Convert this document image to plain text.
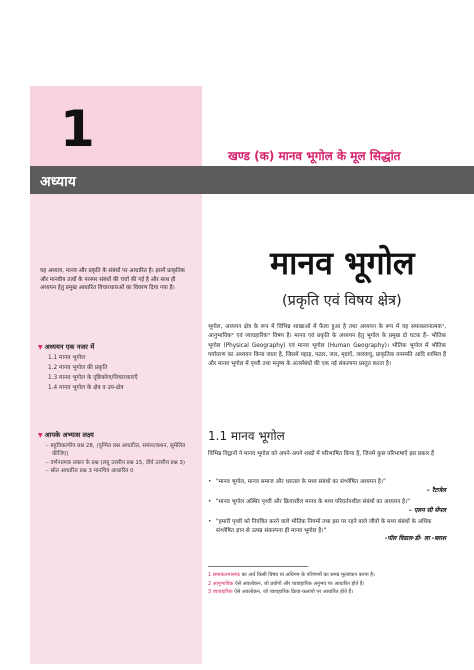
1	खण्ड (क) मानव भूगोल के मूल सिद्धांत
अध्याय

यह अध्याय, मानव और प्रकृति के संबंधों पर आधारित है। इसमें प्राकृतिक और मानवीय तत्वों के परस्पर संबंधों की चर्चा की गई है और साथ ही अध्ययन हेतु प्रमुख आधारित विचारधाराओं का विवरण दिया गया है।

▼ अध्ययन एक नजर में
1.1 मानव भूगोल
1.2 मानव भूगोल की प्रकृति
1.3 मानव भूगोल के दृष्टिकोण/विचारधाराएँ
1.4 मानव भूगोल के क्षेत्र व उप-क्षेत्र
▼ आपके अभ्यास लक्ष्य
– बहुविकल्पीय प्रश्न 28, (युग्मित प्रश्न आधारित, समान/कथन, सुमेलित कीजिए)
– वर्णनात्मक प्रकार के प्रश्न (लघु उत्तरीय प्रश्न 15, दीर्घ उत्तरीय प्रश्न 3)
– स्रोत आधारित प्रश्न 3 मानचित्र आधारित 0
मानव भूगोल
(प्रकृति एवं विषय क्षेत्र)

भूगोल, अध्ययन क्षेत्र के रूप में विभिन्न शाखाओं में फैला हुआ है तथा अध्ययन के रूप में यह समाकलनात्मक¹, आनुभाविक² एवं व्यावहारिक³ विषय है। मानव एवं प्रकृति के अध्ययन हेतु भूगोल के प्रमुख दो घटक हैं– भौतिक भूगोल (Physical Geography) एवं मानव भूगोल (Human Geography)। भौतिक भूगोल में भौतिक पर्यावरण का अध्ययन किया जाता है, जिसमें पहाड़, पठार, जल, मृदाएँ, जलवायु, प्राकृतिक वनस्पति आदि शामिल हैं और मानव भूगोल में पृथ्वी तथा मनुष्य के अंतर्संबंधों की एक नई संकल्पना प्रस्तुत करता है।

1.1 मानव भूगोल

विभिन्न विद्वानों ने मानव भूगोल को अपने-अपने शब्दों में परिभाषित किया है, जिनमें कुछ परिभाषाएँ इस प्रकार हैं

• "मानव भूगोल, मानव समाज और धरातल के मध्य संबंधों का संश्लेषित अध्ययन है।"
– रैटजेल
• "मानव भूगोल अस्थिर पृथ्वी और क्रियाशील मानव के मध्य परिवर्तनशील संबंधों का अध्ययन है।"
– एलन सी सेंपल
• "हमारी पृथ्वी को नियंत्रित करने वाले भौतिक नियमों तथा इस पर रहने वाले जीवों के मध्य संबंधों के अधिक संश्लेषित ज्ञान से उत्पन्न संकल्पना ही मानव भूगोल है।"
-पॉल विडाल-डी- ला -ब्लाश
1 समाकलनात्मक का अर्थ किसी विषय या अधिगम के परिणामों का समग्र मूल्यांकन करना है।
2 आनुभाविक ऐसे अवलोकन, जो प्रयोगों और व्यावहारिक अनुभव पर आधारित होते हैं।
3 व्यावहारिक ऐसे अवलोकन, जो व्यावहारिक क्रिया-कलापों पर आधारित होते हैं।
